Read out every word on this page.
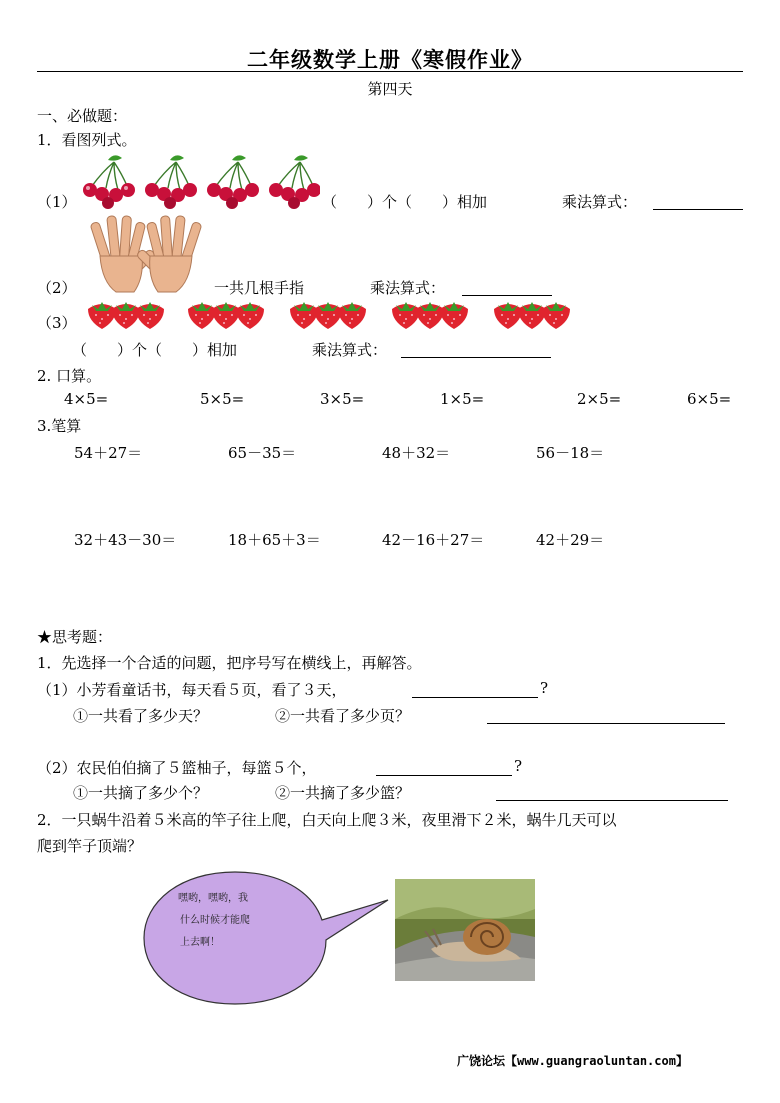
二年级数学上册《寒假作业》
第四天
一、必做题：
1．看图列式。
（1）	（　　）个（　　）相加	乘法算式：
（2）	一共几根手指	乘法算式：
（3）
（　　）个（　　）相加	乘法算式：
2. 口算。
4×5=	5×5=	3×5=	1×5=	2×5=	6×5=
3.笔算
54＋27＝	65－35＝	48＋32＝	56－18＝
32＋43－30＝	18＋65＋3＝	42－16＋27＝	42＋29＝
★思考题：
1．先选择一个合适的问题，把序号写在横线上，再解答。
（1）小芳看童话书，每天看５页，看了３天，	?
①一共看了多少天？	②一共看了多少页？
（2）农民伯伯摘了５篮柚子，每篮５个，	?
①一共摘了多少个？	②一共摘了多少篮？
2．一只蜗牛沿着５米高的竿子往上爬，白天向上爬３米，夜里滑下２米，蜗牛几天可以
爬到竿子顶端？
嘿哟，嘿哟，我
什么时候才能爬
上去啊！
广饶论坛【www.guangraoluntan.com】
